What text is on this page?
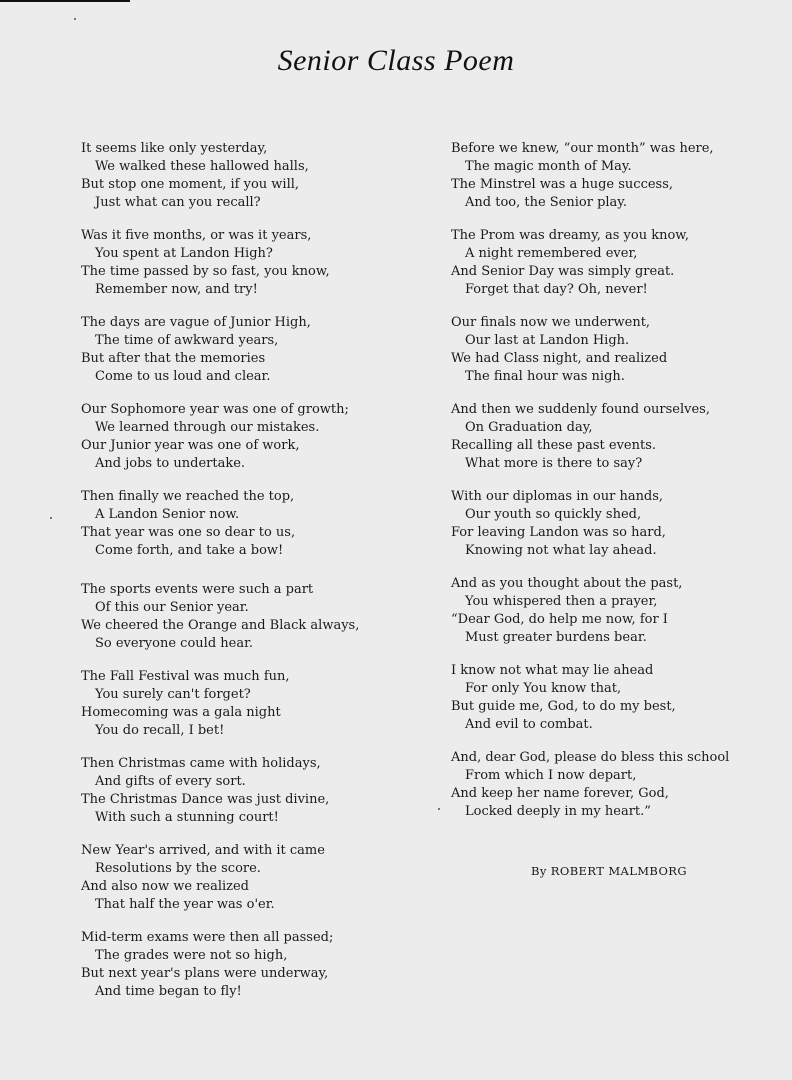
Senior Class Poem
It seems like only yesterday,
We walked these hallowed halls,
But stop one moment, if you will,
Just what can you recall?
Was it five months, or was it years,
You spent at Landon High?
The time passed by so fast, you know,
Remember now, and try!
The days are vague of Junior High,
The time of awkward years,
But after that the memories
Come to us loud and clear.
Our Sophomore year was one of growth;
We learned through our mistakes.
Our Junior year was one of work,
And jobs to undertake.
Then finally we reached the top,
A Landon Senior now.
That year was one so dear to us,
Come forth, and take a bow!
The sports events were such a part
Of this our Senior year.
We cheered the Orange and Black always,
So everyone could hear.
The Fall Festival was much fun,
You surely can't forget?
Homecoming was a gala night
You do recall, I bet!
Then Christmas came with holidays,
And gifts of every sort.
The Christmas Dance was just divine,
With such a stunning court!
New Year's arrived, and with it came
Resolutions by the score.
And also now we realized
That half the year was o'er.
Mid-term exams were then all passed;
The grades were not so high,
But next year's plans were underway,
And time began to fly!
Before we knew, “our month” was here,
The magic month of May.
The Minstrel was a huge success,
And too, the Senior play.
The Prom was dreamy, as you know,
A night remembered ever,
And Senior Day was simply great.
Forget that day? Oh, never!
Our finals now we underwent,
Our last at Landon High.
We had Class night, and realized
The final hour was nigh.
And then we suddenly found ourselves,
On Graduation day,
Recalling all these past events.
What more is there to say?
With our diplomas in our hands,
Our youth so quickly shed,
For leaving Landon was so hard,
Knowing not what lay ahead.
And as you thought about the past,
You whispered then a prayer,
“Dear God, do help me now, for I
Must greater burdens bear.
I know not what may lie ahead
For only You know that,
But guide me, God, to do my best,
And evil to combat.
And, dear God, please do bless this school
From which I now depart,
And keep her name forever, God,
Locked deeply in my heart.”
By ROBERT MALMBORG
